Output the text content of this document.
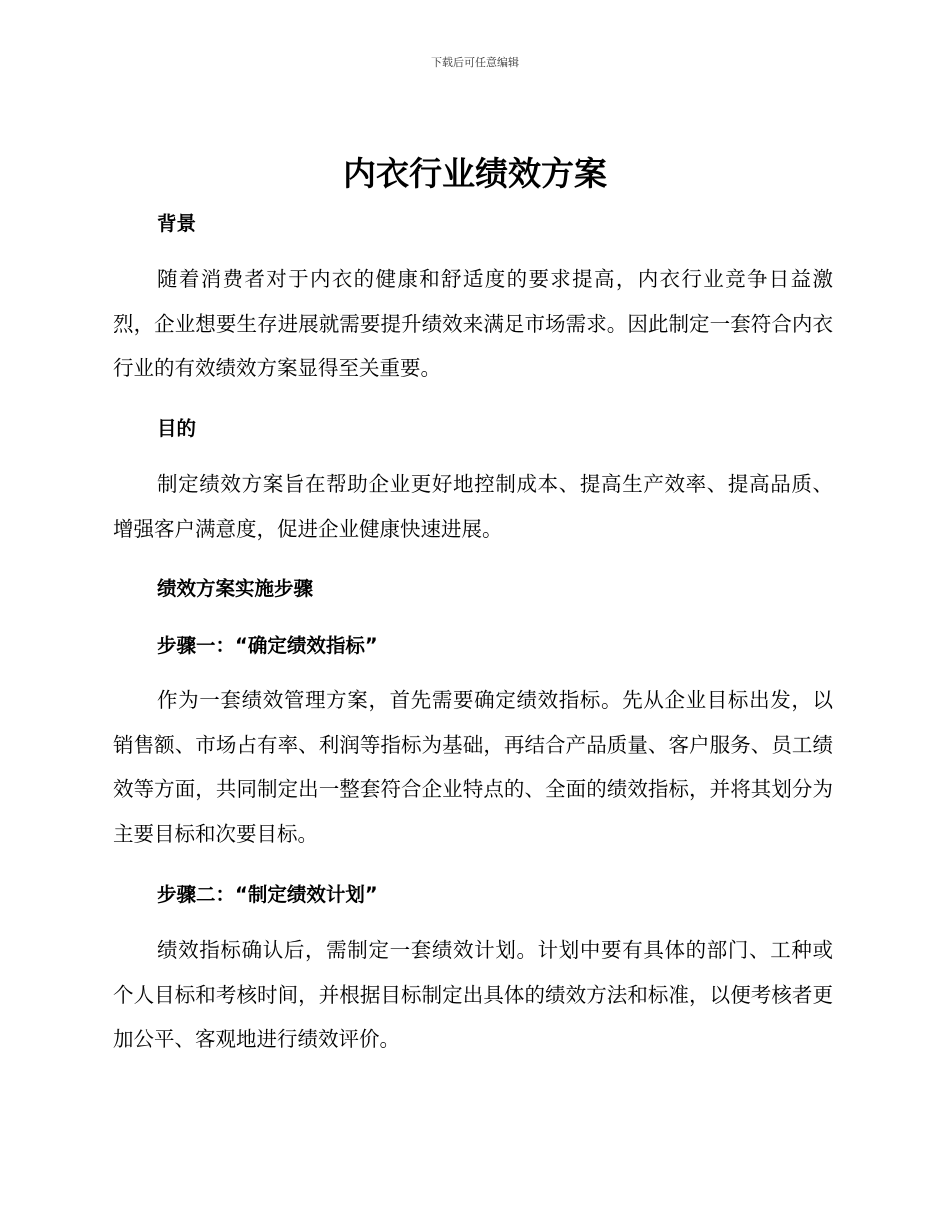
下载后可任意编辑

内衣行业绩效方案
背景

随着消费者对于内衣的健康和舒适度的要求提高，内衣行业竞争日益激烈，企业想要生存进展就需要提升绩效来满足市场需求。因此制定一套符合内衣行业的有效绩效方案显得至关重要。

目的

制定绩效方案旨在帮助企业更好地控制成本、提高生产效率、提高品质、增强客户满意度，促进企业健康快速进展。

绩效方案实施步骤
步骤一：“确定绩效指标”

作为一套绩效管理方案，首先需要确定绩效指标。先从企业目标出发，以销售额、市场占有率、利润等指标为基础，再结合产品质量、客户服务、员工绩效等方面，共同制定出一整套符合企业特点的、全面的绩效指标，并将其划分为主要目标和次要目标。

步骤二：“制定绩效计划”

绩效指标确认后，需制定一套绩效计划。计划中要有具体的部门、工种或个人目标和考核时间，并根据目标制定出具体的绩效方法和标准，以便考核者更加公平、客观地进行绩效评价。
